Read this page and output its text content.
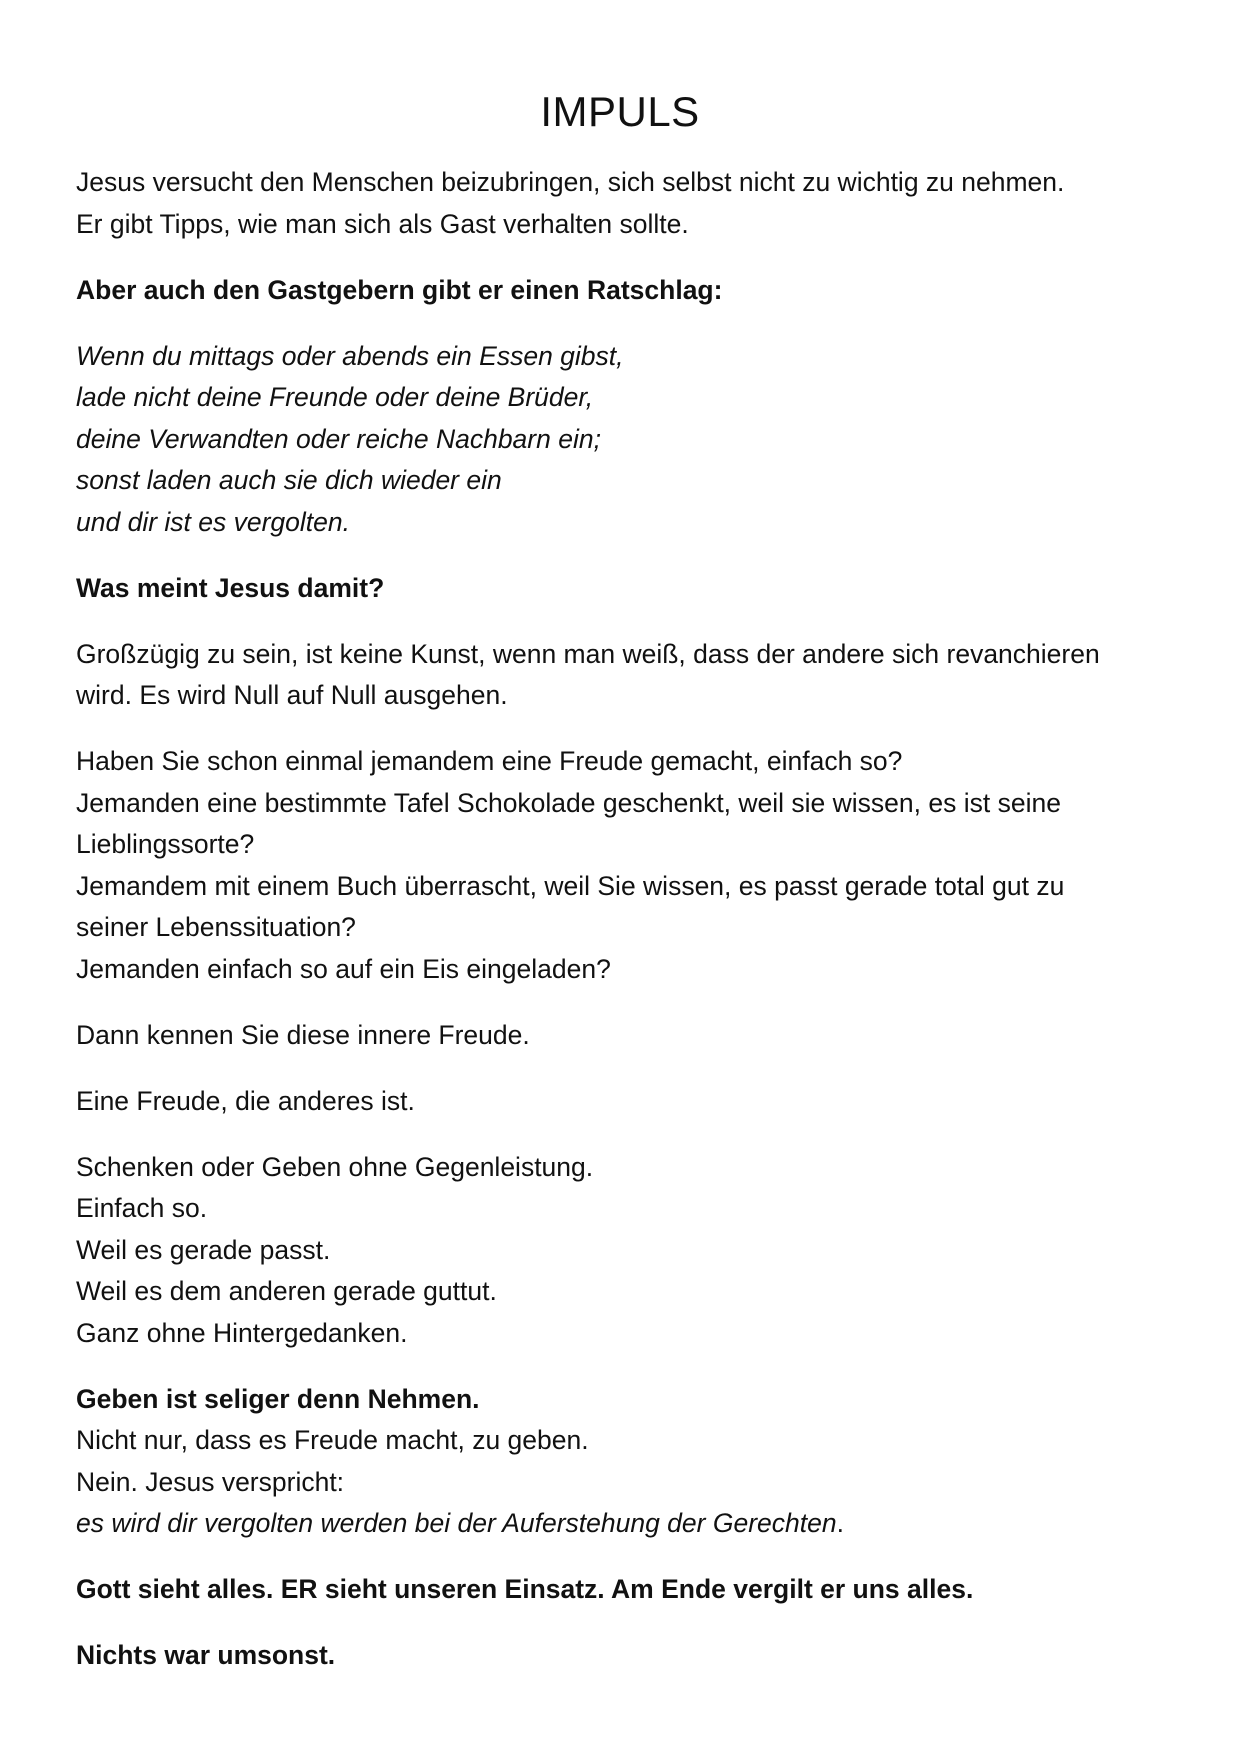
IMPULS

Jesus versucht den Menschen beizubringen, sich selbst nicht zu wichtig zu nehmen.
Er gibt Tipps, wie man sich als Gast verhalten sollte.

Aber auch den Gastgebern gibt er einen Ratschlag:

Wenn du mittags oder abends ein Essen gibst,
lade nicht deine Freunde oder deine Brüder,
deine Verwandten oder reiche Nachbarn ein;
sonst laden auch sie dich wieder ein
und dir ist es vergolten.

Was meint Jesus damit?

Großzügig zu sein, ist keine Kunst, wenn man weiß, dass der andere sich revanchieren
wird. Es wird Null auf Null ausgehen.

Haben Sie schon einmal jemandem eine Freude gemacht, einfach so?
Jemanden eine bestimmte Tafel Schokolade geschenkt, weil sie wissen, es ist seine
Lieblingssorte?
Jemandem mit einem Buch überrascht, weil Sie wissen, es passt gerade total gut zu
seiner Lebenssituation?
Jemanden einfach so auf ein Eis eingeladen?

Dann kennen Sie diese innere Freude.

Eine Freude, die anderes ist.

Schenken oder Geben ohne Gegenleistung.
Einfach so.
Weil es gerade passt.
Weil es dem anderen gerade guttut.
Ganz ohne Hintergedanken.

Geben ist seliger denn Nehmen.
Nicht nur, dass es Freude macht, zu geben.
Nein. Jesus verspricht:
es wird dir vergolten werden bei der Auferstehung der Gerechten.

Gott sieht alles. ER sieht unseren Einsatz. Am Ende vergilt er uns alles.

Nichts war umsonst.
